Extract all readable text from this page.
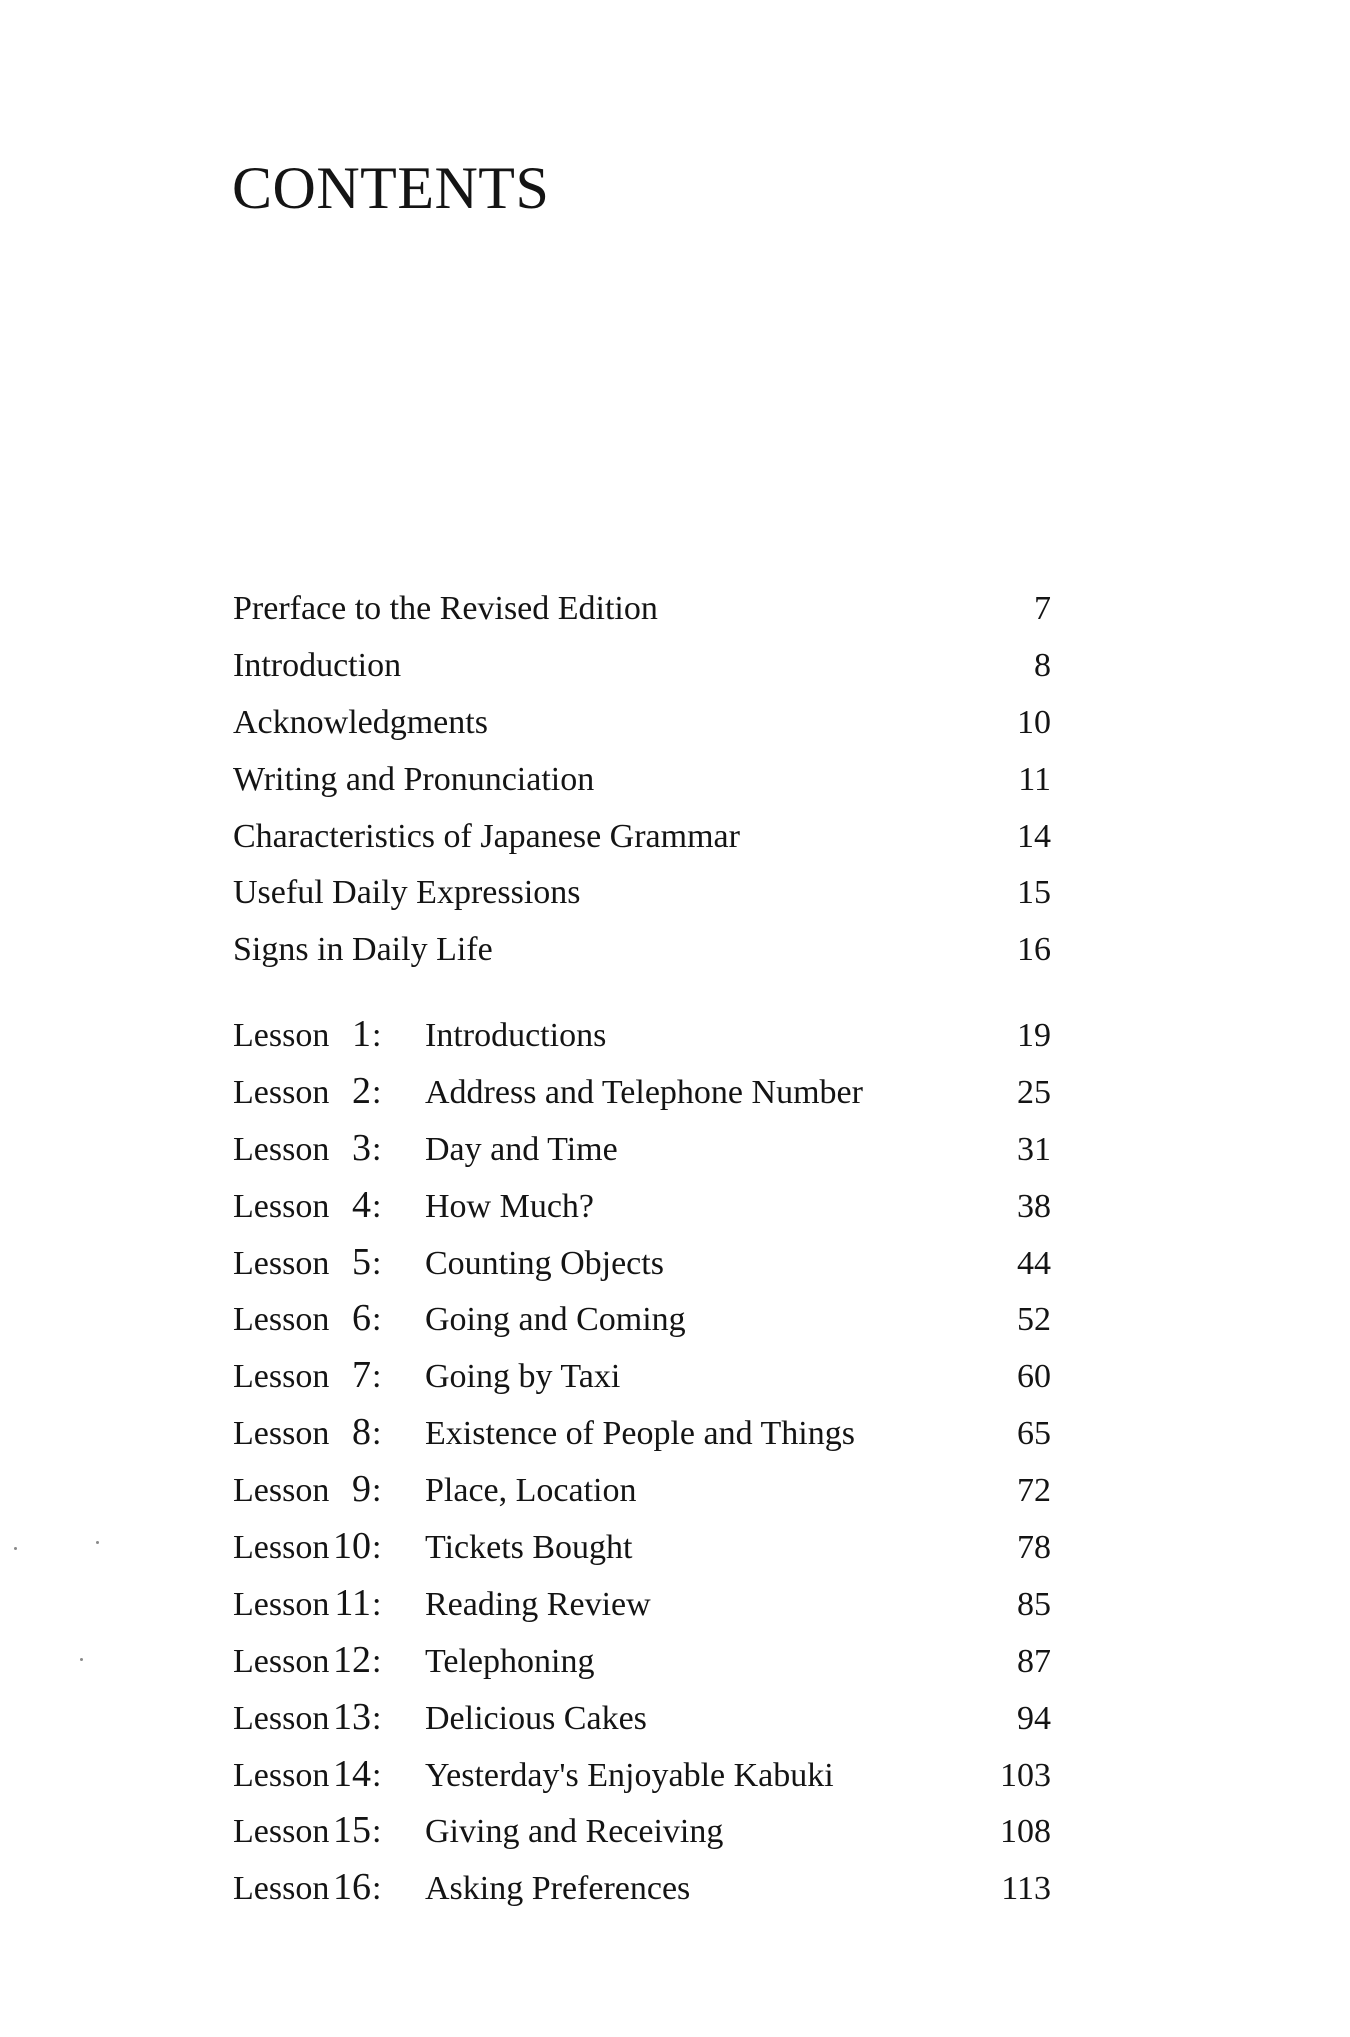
CONTENTS
Prerface to the Revised Edition	7
Introduction	8
Acknowledgments	10
Writing and Pronunciation	11
Characteristics of Japanese Grammar	14
Useful Daily Expressions	15
Signs in Daily Life	16
Lesson 1 : Introductions	19
Lesson 2 : Address and Telephone Number	25
Lesson 3 : Day and Time	31
Lesson 4 : How Much?	38
Lesson 5 : Counting Objects	44
Lesson 6 : Going and Coming	52
Lesson 7 : Going by Taxi	60
Lesson 8 : Existence of People and Things	65
Lesson 9 : Place, Location	72
Lesson 10 : Tickets Bought	78
Lesson 11 : Reading Review	85
Lesson 12 : Telephoning	87
Lesson 13 : Delicious Cakes	94
Lesson 14 : Yesterday's Enjoyable Kabuki	103
Lesson 15 : Giving and Receiving	108
Lesson 16 : Asking Preferences	113
